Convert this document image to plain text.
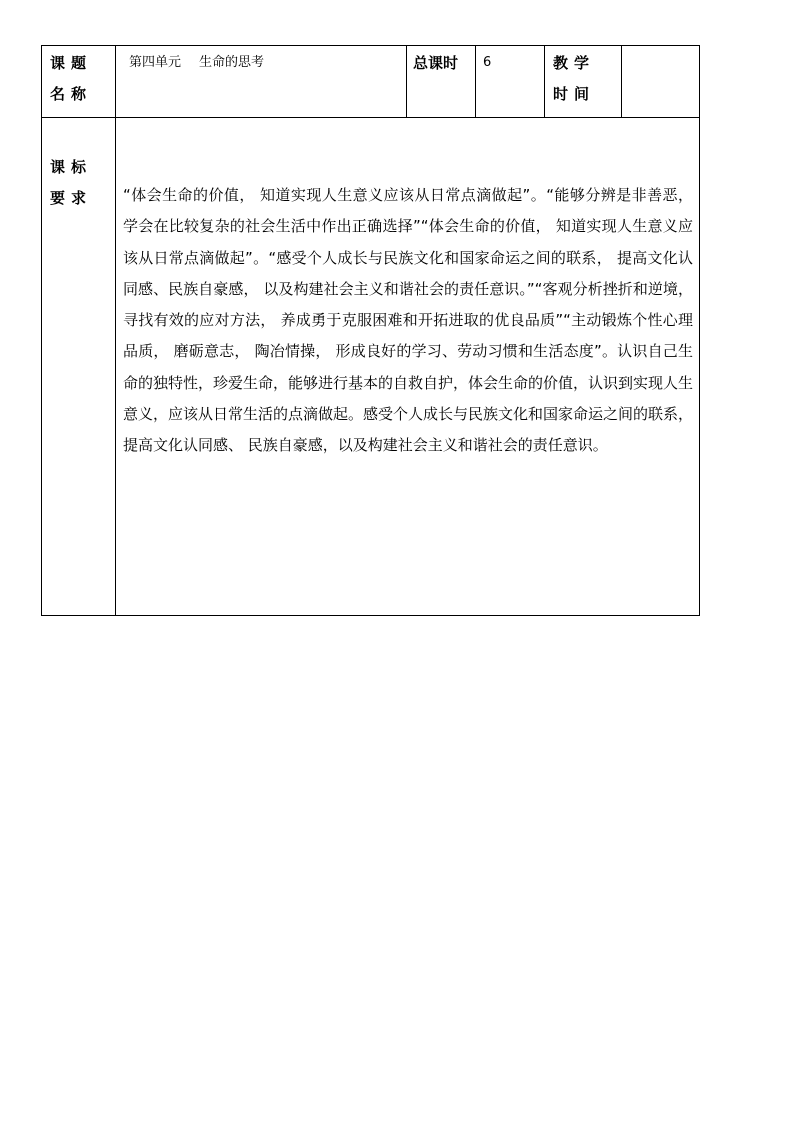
课题名称	第四单元 生命的思考	总课时	6	教学时间	
课标要求	“体会生命的价值， 知道实现人生意义应该从日常点滴做起”。“能够分辨是非善恶， 学会在比较复杂的社会生活中作出正确选择”“体会生命的价值， 知道实现人生意义应该从日常点滴做起”。“感受个人成长与民族文化和国家命运之间的联系， 提高文化认同感、民族自豪感， 以及构建社会主义和谐社会的责任意识。”“客观分析挫折和逆境， 寻找有效的应对方法， 养成勇于克服困难和开拓进取的优良品质”“主动锻炼个性心理品质， 磨砺意志， 陶冶情操， 形成良好的学习、劳动习惯和生活态度”。认识自己生命的独特性，珍爱生命，能够进行基本的自救自护，体会生命的价值，认识到实现人生意义，应该从日常生活的点滴做起。感受个人成长与民族文化和国家命运之间的联系， 提高文化认同感、 民族自豪感，以及构建社会主义和谐社会的责任意识。				
